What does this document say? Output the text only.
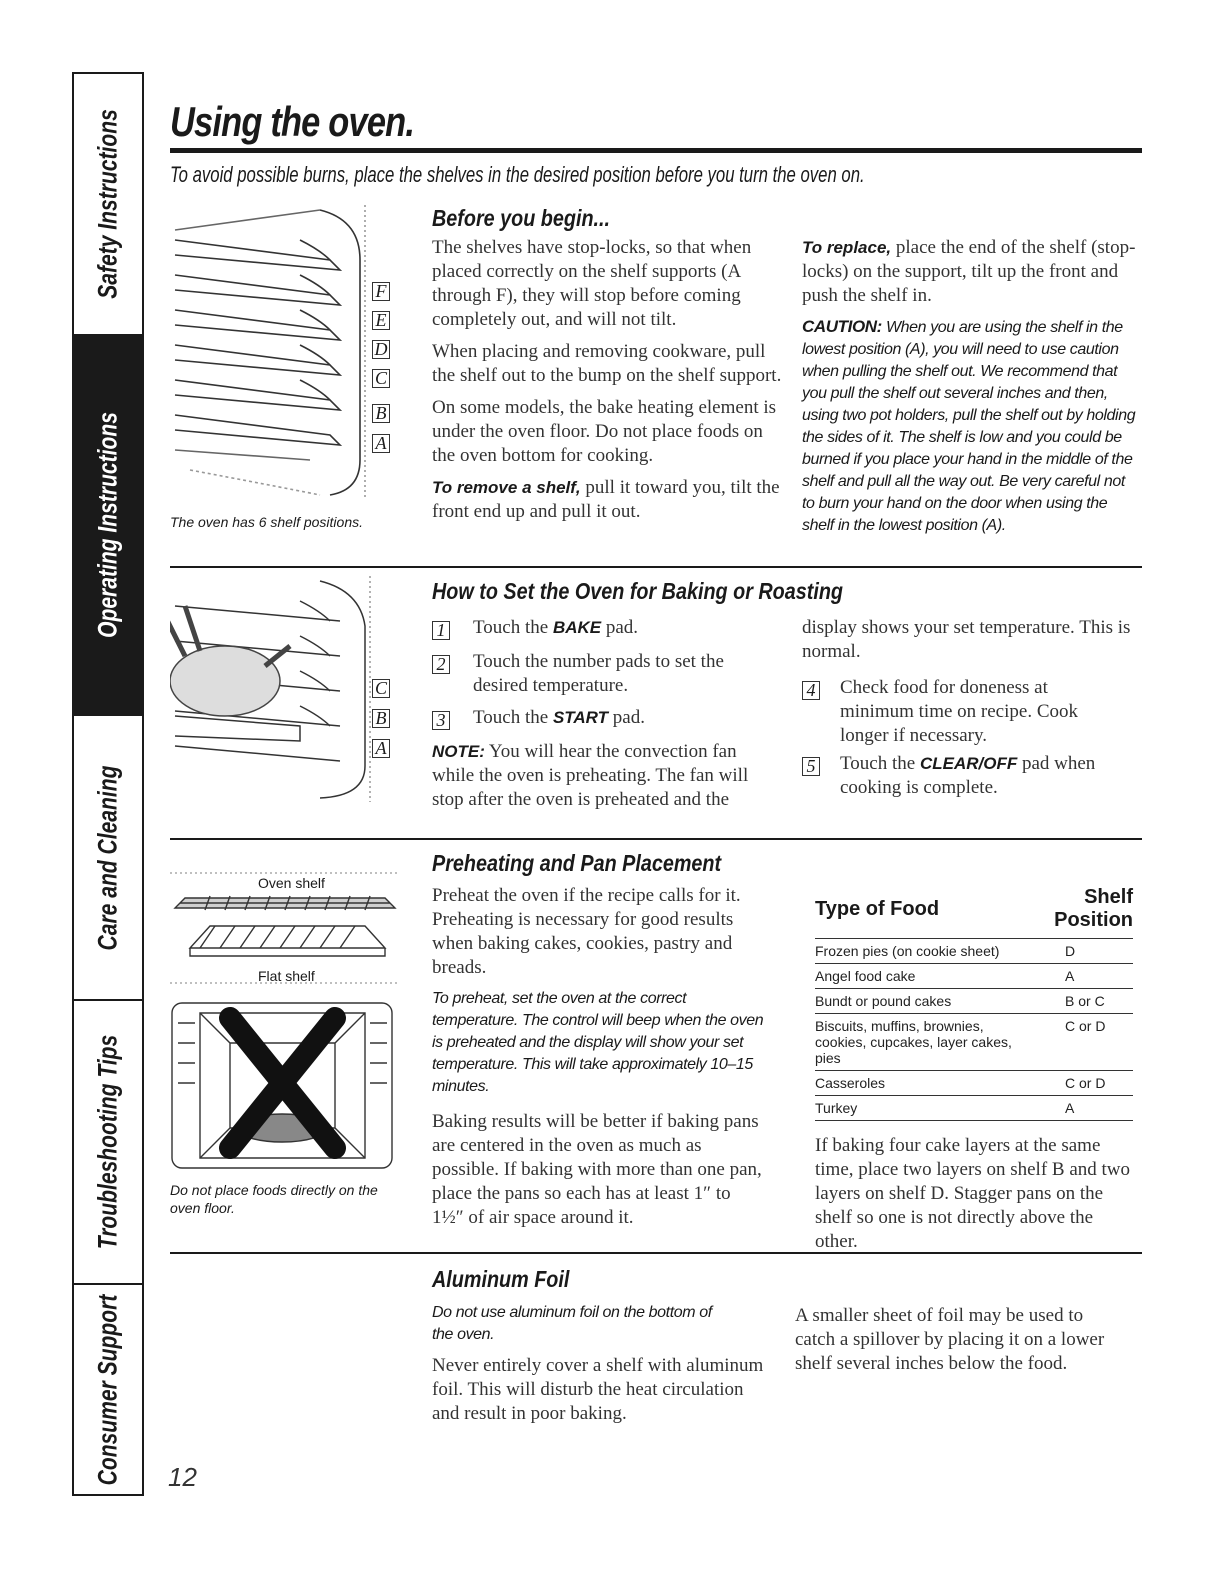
Safety Instructions
Operating Instructions
Care and Cleaning
Troubleshooting Tips
Consumer Support
Using the oven.
To avoid possible burns, place the shelves in the desired position before you turn the oven on.
F
E
D
C
B
A
The oven has 6 shelf positions.
Before you begin...

The shelves have stop-locks, so that when placed correctly on the shelf supports (A through F), they will stop before coming completely out, and will not tilt.

When placing and removing cookware, pull the shelf out to the bump on the shelf support.

On some models, the bake heating element is under the oven floor. Do not place foods on the oven bottom for cooking.

To remove a shelf, pull it toward you, tilt the front end up and pull it out.

To replace, place the end of the shelf (stop-locks) on the support, tilt up the front and push the shelf in.

CAUTION: When you are using the shelf in the lowest position (A), you will need to use caution when pulling the shelf out. We recommend that you pull the shelf out several inches and then, using two pot holders, pull the shelf out by holding the sides of it. The shelf is low and you could be burned if you place your hand in the middle of the shelf and pull all the way out. Be very careful not to burn your hand on the door when using the shelf in the lowest position (A).

C
B
A
How to Set the Oven for Baking or Roasting
1 Touch the BAKE pad.
2 Touch the number pads to set the desired temperature.
3 Touch the START pad.
NOTE: You will hear the convection fan while the oven is preheating. The fan will stop after the oven is preheated and the
display shows your set temperature. This is normal.
4 Check food for doneness at minimum time on recipe. Cook longer if necessary.
5 Touch the CLEAR/OFF pad when cooking is complete.
Oven shelf
Flat shelf
Do not place foods directly on the oven floor.
Preheating and Pan Placement

Preheat the oven if the recipe calls for it. Preheating is necessary for good results when baking cakes, cookies, pastry and breads.

To preheat, set the oven at the correct temperature. The control will beep when the oven is preheated and the display will show your set temperature. This will take approximately 10–15 minutes.

Baking results will be better if baking pans are centered in the oven as much as possible. If baking with more than one pan, place the pans so each has at least 1″ to 1½″ of air space around it.

Type of Food	Shelf Position
Frozen pies (on cookie sheet)	D
Angel food cake	A
Bundt or pound cakes	B or C
Biscuits, muffins, brownies, cookies, cupcakes, layer cakes, pies	C or D
Casseroles	C or D
Turkey	A
If baking four cake layers at the same time, place two layers on shelf B and two layers on shelf D. Stagger pans on the shelf so one is not directly above the other.
Aluminum Foil

Do not use aluminum foil on the bottom of the oven.

Never entirely cover a shelf with aluminum foil. This will disturb the heat circulation and result in poor baking.

A smaller sheet of foil may be used to catch a spillover by placing it on a lower shelf several inches below the food.
12
